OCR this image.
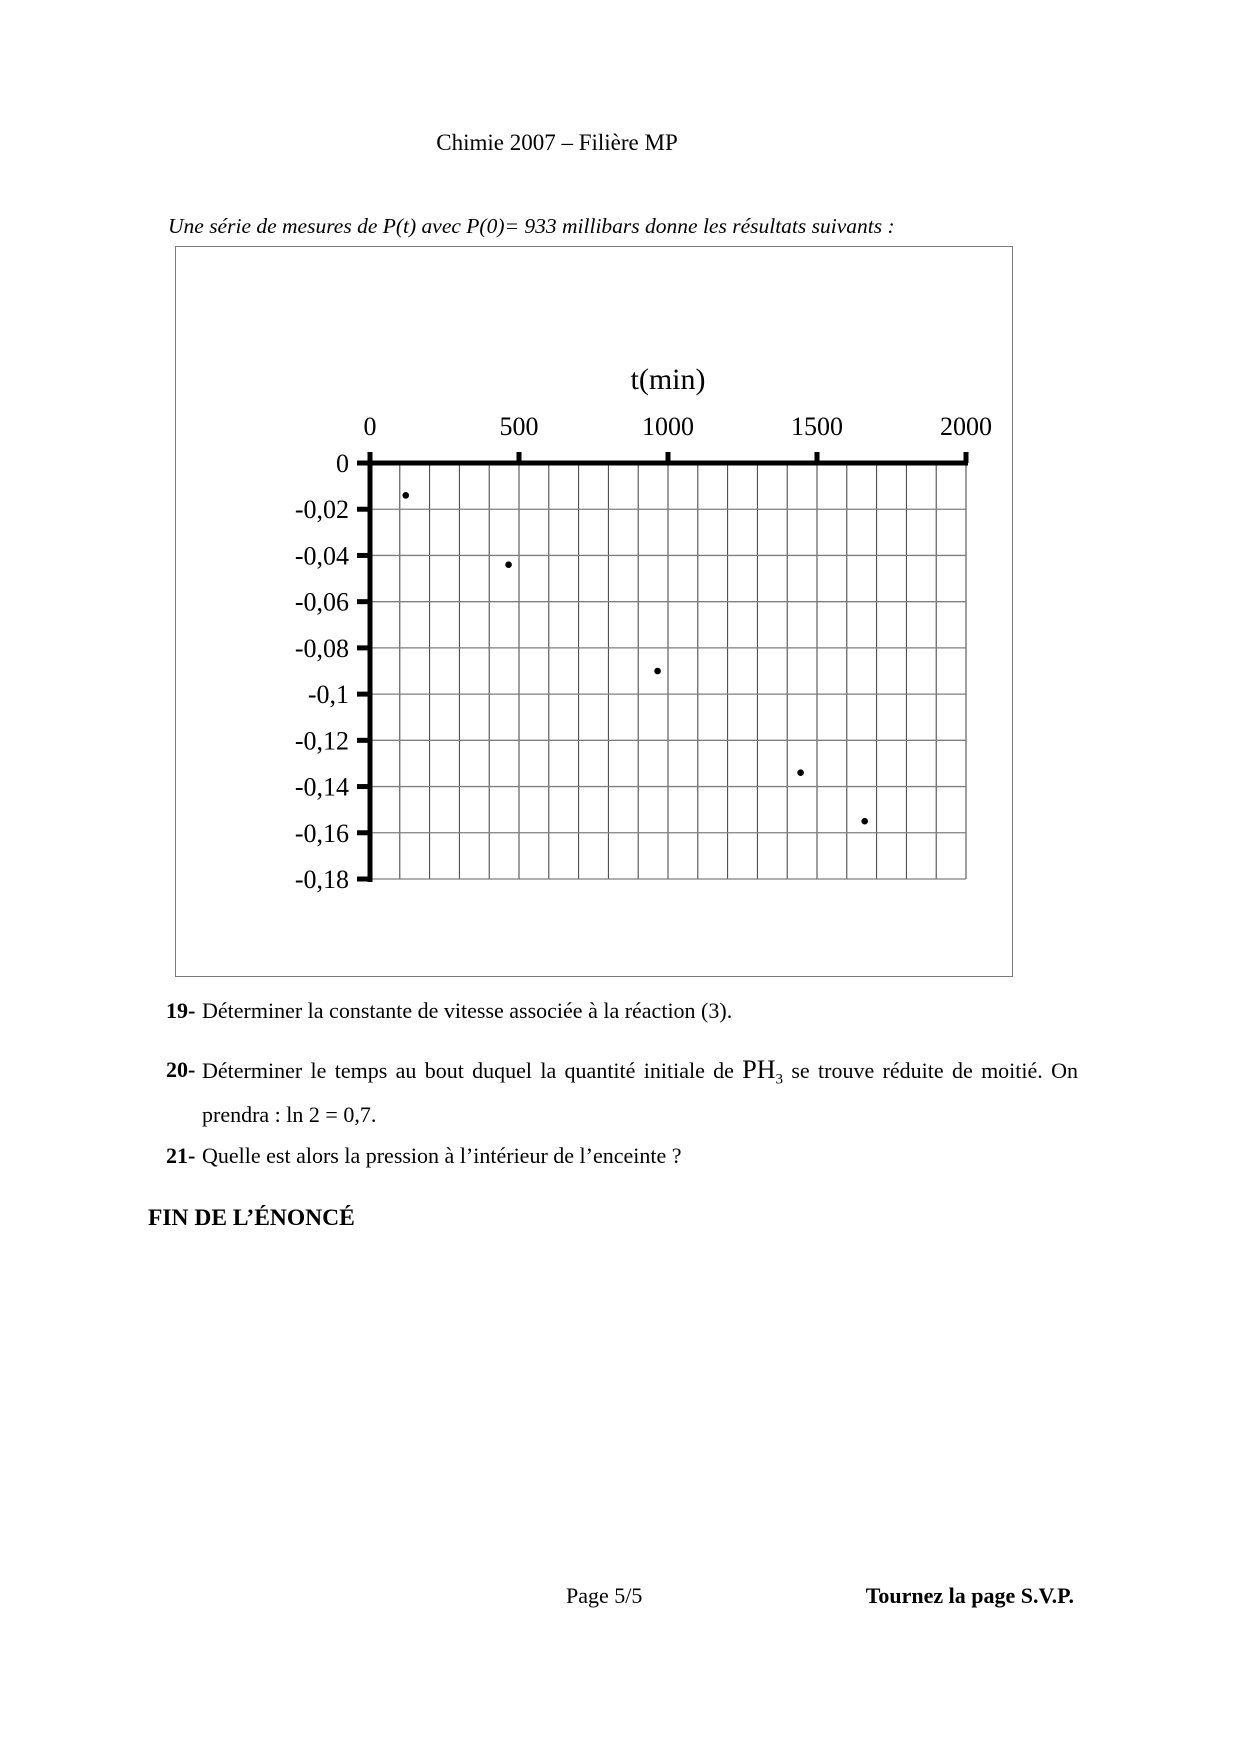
Chimie 2007 – Filière MP
Une série de mesures de P(t) avec P(0)= 933 millibars donne les résultats suivants :
0	500	1000	1500	2000
0
-0,02
-0,04
-0,06
-0,08
-0,1
-0,12
-0,14
-0,16
-0,18
t(min)

19- Déterminer la constante de vitesse associée à la réaction (3).

20- Déterminer le temps au bout duquel la quantité initiale de $PH_3$ se trouve réduite de moitié. On prendra : ln 2 = 0,7.

21- Quelle est alors la pression à l’intérieur de l’enceinte ?

FIN DE L’ÉNONCÉ
Page 5/5	Tournez la page S.V.P.
